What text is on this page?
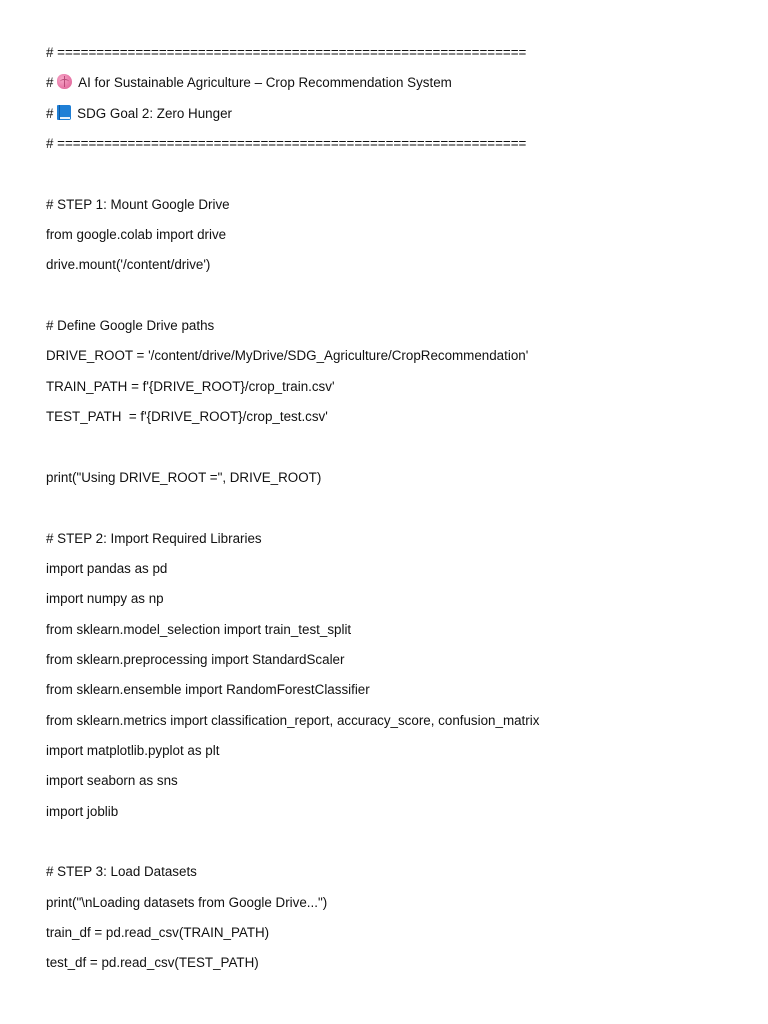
# ============================================================
# AI for Sustainable Agriculture – Crop Recommendation System
# SDG Goal 2: Zero Hunger
# ============================================================
# STEP 1: Mount Google Drive
from google.colab import drive
drive.mount('/content/drive')
# Define Google Drive paths
DRIVE_ROOT = '/content/drive/MyDrive/SDG_Agriculture/CropRecommendation'
TRAIN_PATH = f'{DRIVE_ROOT}/crop_train.csv'
TEST_PATH  = f'{DRIVE_ROOT}/crop_test.csv'
print("Using DRIVE_ROOT =", DRIVE_ROOT)
# STEP 2: Import Required Libraries
import pandas as pd
import numpy as np
from sklearn.model_selection import train_test_split
from sklearn.preprocessing import StandardScaler
from sklearn.ensemble import RandomForestClassifier
from sklearn.metrics import classification_report, accuracy_score, confusion_matrix
import matplotlib.pyplot as plt
import seaborn as sns
import joblib
# STEP 3: Load Datasets
print("\nLoading datasets from Google Drive...")
train_df = pd.read_csv(TRAIN_PATH)
test_df = pd.read_csv(TEST_PATH)
